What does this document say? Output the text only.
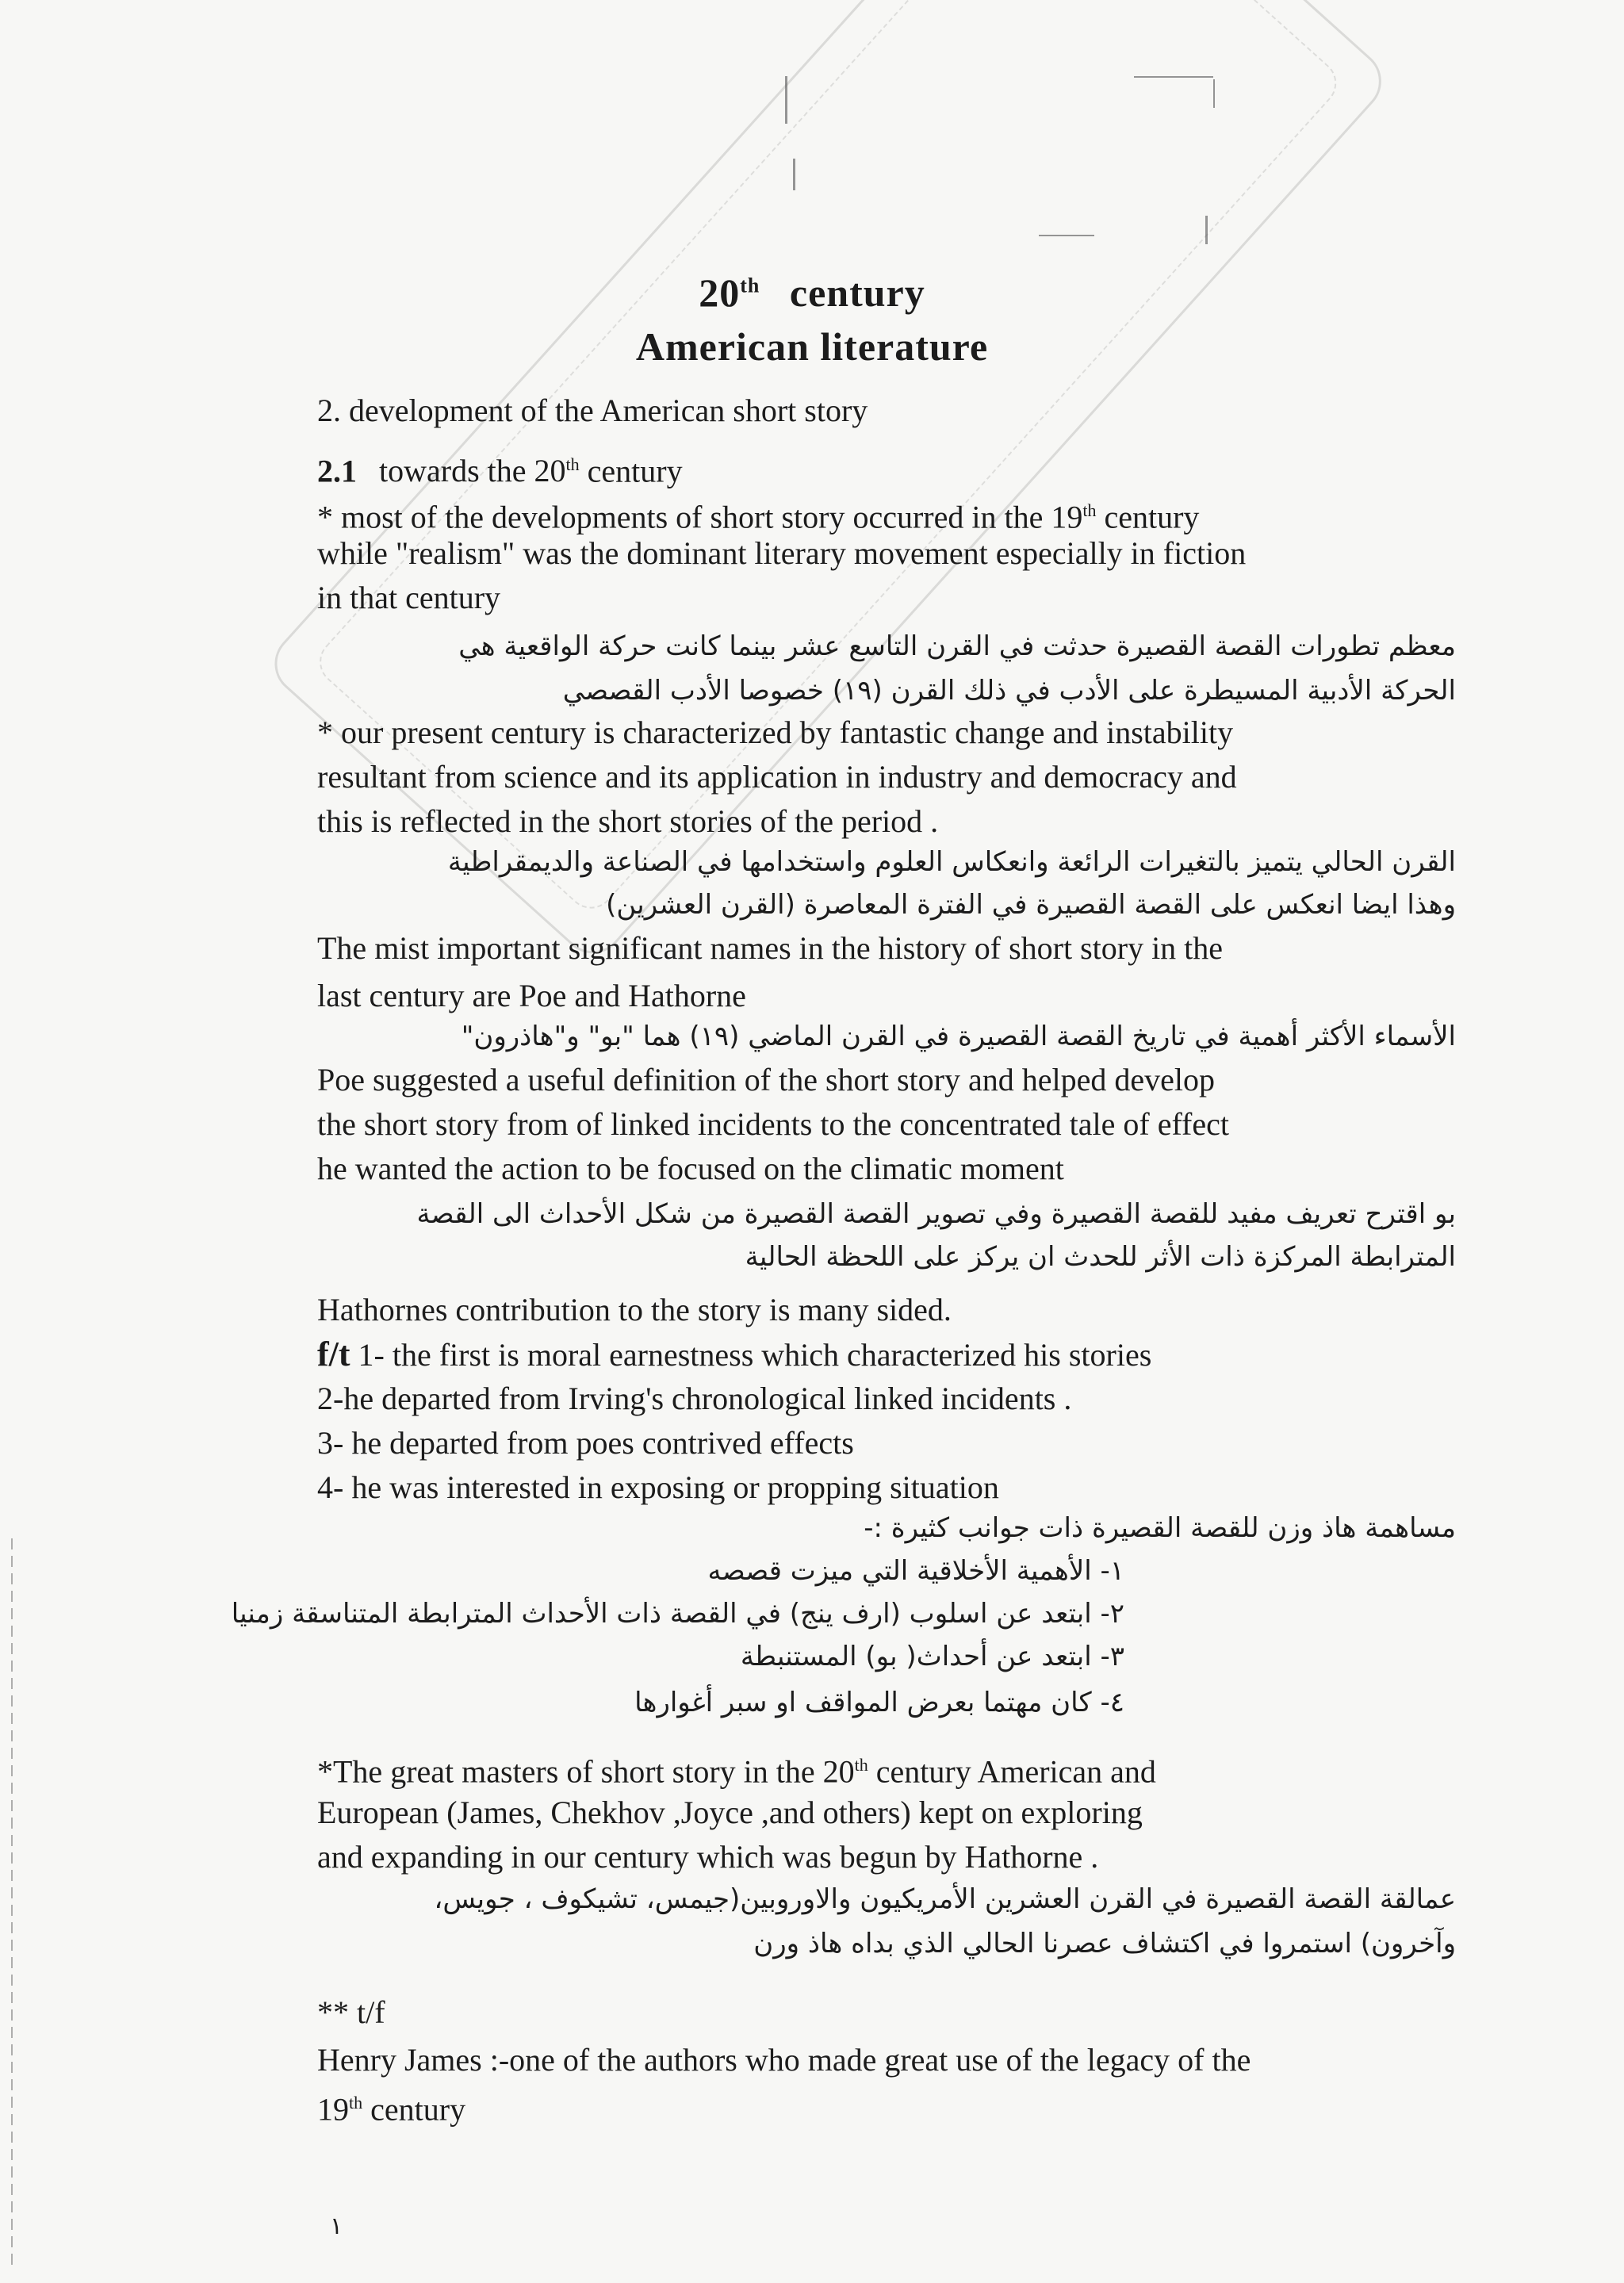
20th century
American literature
2. development of the American short story
2.1 towards the 20th century
* most of the developments of short story occurred in the 19th century
while "realism" was the dominant literary movement especially in fiction
in that century
معظم تطورات القصة القصيرة حدثت في القرن التاسع عشر بينما كانت حركة الواقعية هي
الحركة الأدبية المسيطرة على الأدب في ذلك القرن (١٩) خصوصا الأدب القصصي
* our present century is characterized by fantastic change and instability
resultant from science and its application in industry and democracy and
this is reflected in the short stories of the period .
القرن الحالي يتميز بالتغيرات الرائعة وانعكاس العلوم واستخدامها في الصناعة والديمقراطية
وهذا ايضا انعكس على القصة القصيرة في الفترة المعاصرة (القرن العشرين)
The mist important significant names in the history of short story in the
last century are Poe and Hathorne
الأسماء الأكثر أهمية في تاريخ القصة القصيرة في القرن الماضي (١٩) هما "بو" و"هاذرون"
Poe suggested a useful definition of the short story and helped develop
the short story from of linked incidents to the concentrated tale of effect
he wanted the action to be focused on the climatic moment
بو اقترح تعريف مفيد للقصة القصيرة وفي تصوير القصة القصيرة من شكل الأحداث الى القصة
المترابطة المركزة ذات الأثر للحدث ان يركز على اللحظة الحالية
Hathornes contribution to the story is many sided.
f/t 1- the first is moral earnestness which characterized his stories
2-he departed from Irving's chronological linked incidents .
3- he departed from poes contrived effects
4- he was interested in exposing or propping situation
مساهمة هاذ وزن للقصة القصيرة ذات جوانب كثيرة :-
١- الأهمية الأخلاقية التي ميزت قصصه
٢- ابتعد عن اسلوب (ارف ينج) في القصة ذات الأحداث المترابطة المتناسقة زمنيا
٣- ابتعد عن أحداث( بو) المستنبطة
٤- كان مهتما بعرض المواقف او سبر أغوارها
*The great masters of short story in the 20th century American and
European (James, Chekhov ,Joyce ,and others) kept on exploring
and expanding in our century which was begun by Hathorne .
عمالقة القصة القصيرة في القرن العشرين الأمريكيون والاوروبين(جيمس، تشيكوف ، جويس،
وآخرون) استمروا في اكتشاف عصرنا الحالي الذي بداه هاذ ورن
** t/f
Henry James :-one of the authors who made great use of the legacy of the
19th century
١
